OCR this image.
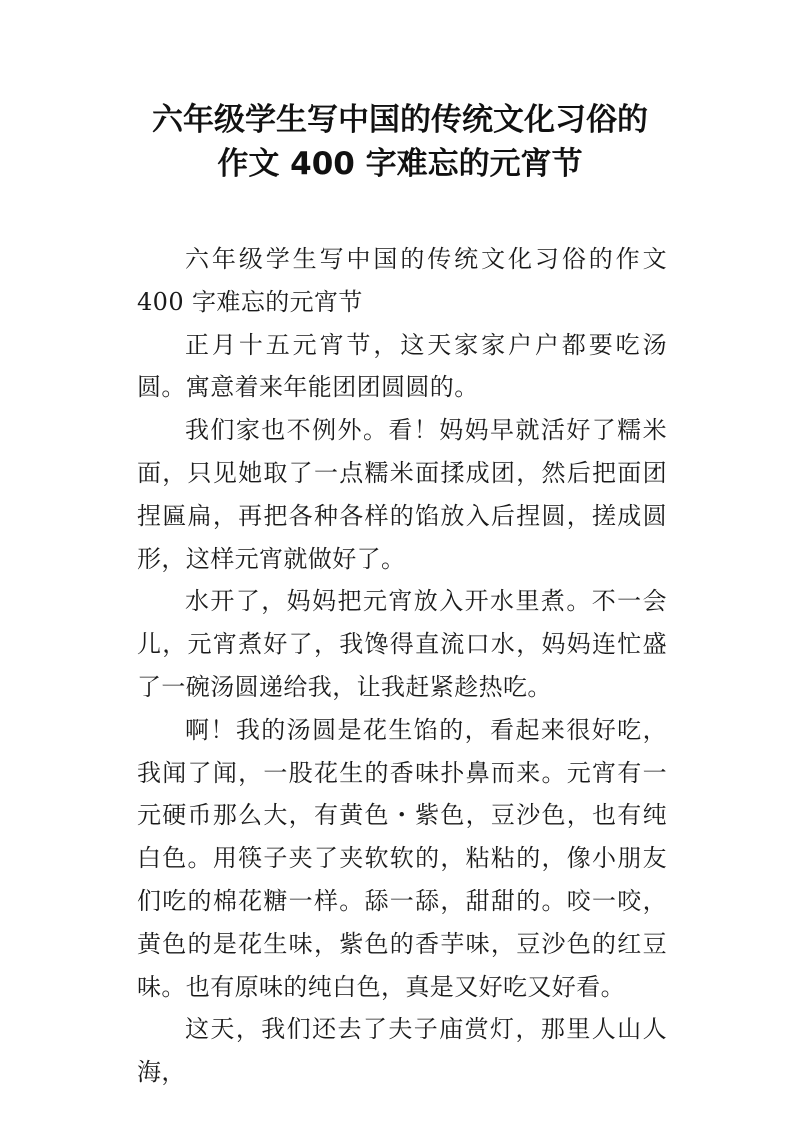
六年级学生写中国的传统文化习俗的
作文 400 字难忘的元宵节

六年级学生写中国的传统文化习俗的作文 400 字难忘的元宵节

正月十五元宵节，这天家家户户都要吃汤圆。寓意着来年能团团圆圆的。

我们家也不例外。看！妈妈早就活好了糯米面，只见她取了一点糯米面揉成团，然后把面团捏匾扁，再把各种各样的馅放入后捏圆，搓成圆形，这样元宵就做好了。

水开了，妈妈把元宵放入开水里煮。不一会儿，元宵煮好了，我馋得直流口水，妈妈连忙盛了一碗汤圆递给我，让我赶紧趁热吃。

啊！我的汤圆是花生馅的，看起来很好吃，我闻了闻，一股花生的香味扑鼻而来。元宵有一元硬币那么大，有黄色・紫色，豆沙色，也有纯白色。用筷子夹了夹软软的，粘粘的，像小朋友们吃的棉花糖一样。舔一舔，甜甜的。咬一咬，黄色的是花生味，紫色的香芋味，豆沙色的红豆味。也有原味的纯白色，真是又好吃又好看。

这天，我们还去了夫子庙赏灯，那里人山人海，
